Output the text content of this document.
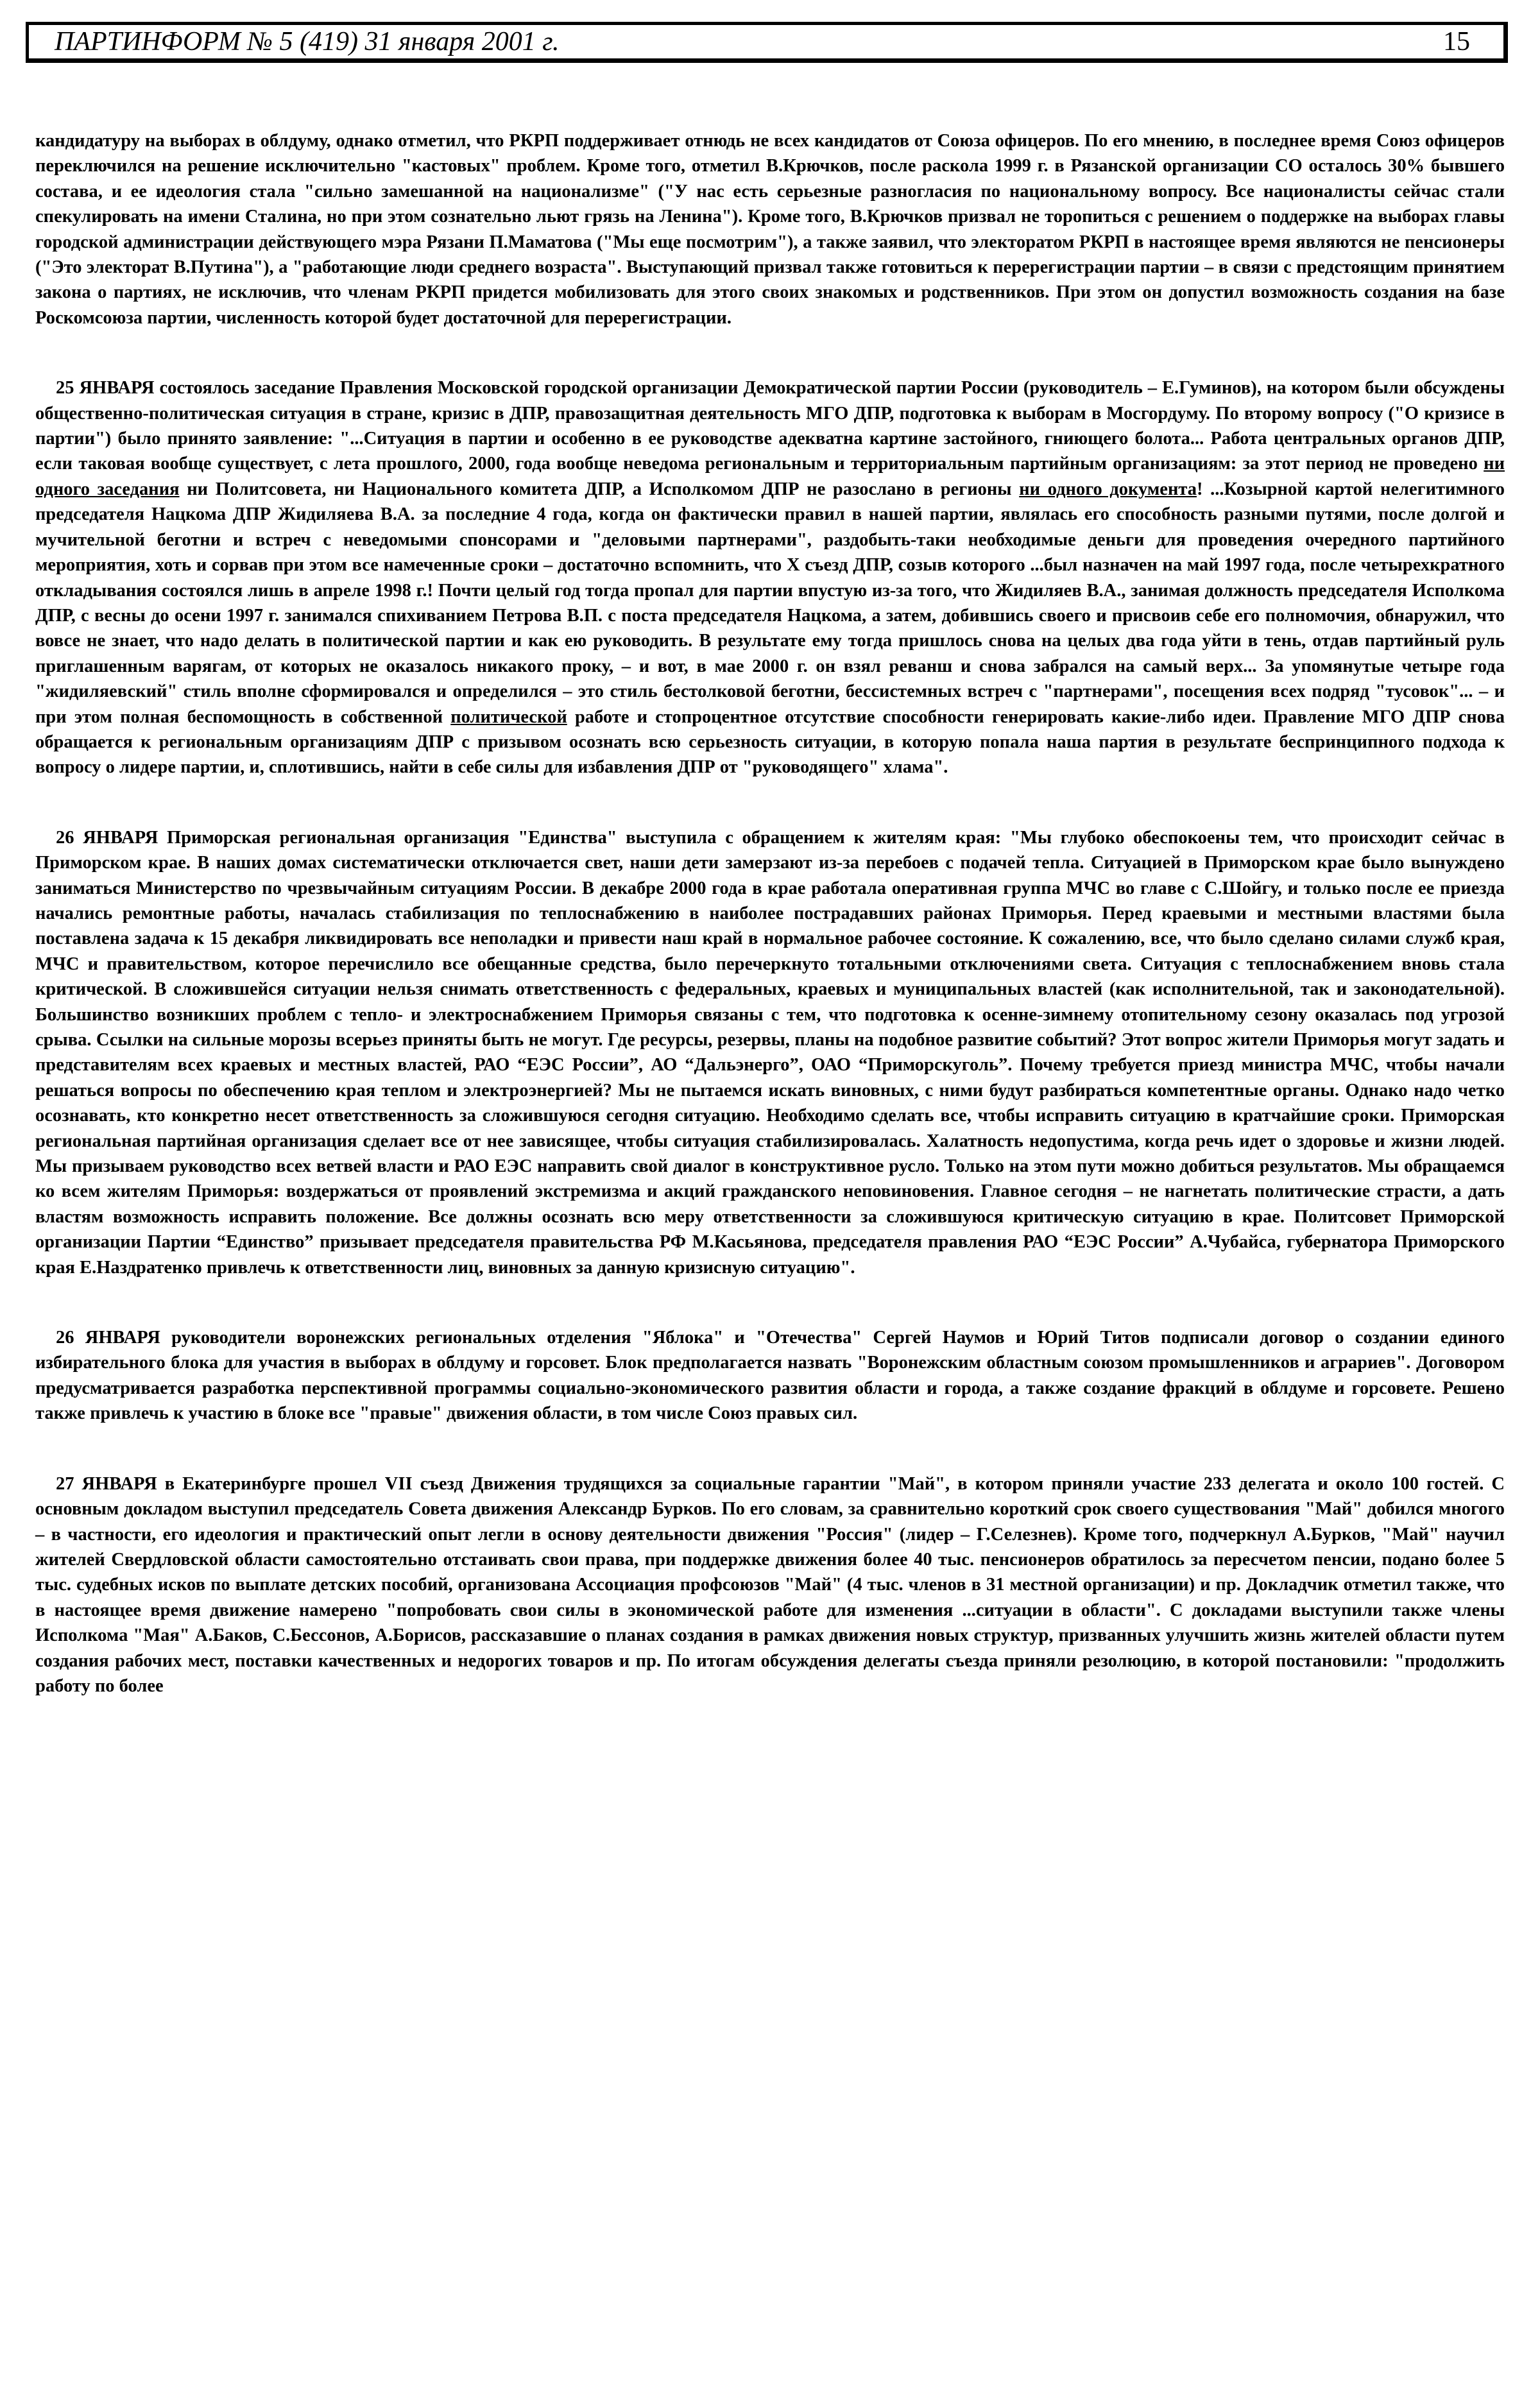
ПАРТИНФОРМ № 5 (419) 31 января 2001 г.	15

кандидатуру на выборах в облдуму, однако отметил, что РКРП поддерживает отнюдь не всех кандидатов от Союза офицеров. По его мнению, в последнее время Союз офицеров переключился на решение исключительно "кастовых" проблем. Кроме того, отметил В.Крючков, после раскола 1999 г. в Рязанской организации СО осталось 30% бывшего состава, и ее идеология стала "сильно замешанной на национализме" ("У нас есть серьезные разногласия по национальному вопросу. Все националисты сейчас стали спекулировать на имени Сталина, но при этом сознательно льют грязь на Ленина"). Кроме того, В.Крючков призвал не торопиться с решением о поддержке на выборах главы городской администрации действующего мэра Рязани П.Маматова ("Мы еще посмотрим"), а также заявил, что электоратом РКРП в настоящее время являются не пенсионеры ("Это электорат В.Путина"), а "работающие люди среднего возраста". Выступающий призвал также готовиться к перерегистрации партии – в связи с предстоящим принятием закона о партиях, не исключив, что членам РКРП придется мобилизовать для этого своих знакомых и родственников. При этом он допустил возможность создания на базе Роскомсоюза партии, численность которой будет достаточной для перерегистрации.

25 ЯНВАРЯ состоялось заседание Правления Московской городской организации Демократической партии России (руководитель – Е.Гуминов), на котором были обсуждены общественно-политическая ситуация в стране, кризис в ДПР, правозащитная деятельность МГО ДПР, подготовка к выборам в Мосгордуму. По второму вопросу ("О кризисе в партии") было принято заявление: "...Ситуация в партии и особенно в ее руководстве адекватна картине застойного, гниющего болота... Работа центральных органов ДПР, если таковая вообще существует, с лета прошлого, 2000, года вообще неведома региональным и территориальным партийным организациям: за этот период не проведено ни одного заседания ни Политсовета, ни Национального комитета ДПР, а Исполкомом ДПР не разослано в регионы ни одного документа! ...Козырной картой нелегитимного председателя Нацкома ДПР Жидиляева В.А. за последние 4 года, когда он фактически правил в нашей партии, являлась его способность разными путями, после долгой и мучительной беготни и встреч с неведомыми спонсорами и "деловыми партнерами", раздобыть-таки необходимые деньги для проведения очередного партийного мероприятия, хоть и сорвав при этом все намеченные сроки – достаточно вспомнить, что X съезд ДПР, созыв которого ...был назначен на май 1997 года, после четырехкратного откладывания состоялся лишь в апреле 1998 г.! Почти целый год тогда пропал для партии впустую из-за того, что Жидиляев В.А., занимая должность председателя Исполкома ДПР, с весны до осени 1997 г. занимался спихиванием Петрова В.П. с поста председателя Нацкома, а затем, добившись своего и присвоив себе его полномочия, обнаружил, что вовсе не знает, что надо делать в политической партии и как ею руководить. В результате ему тогда пришлось снова на целых два года уйти в тень, отдав партийный руль приглашенным варягам, от которых не оказалось никакого проку, – и вот, в мае 2000 г. он взял реванш и снова забрался на самый верх... За упомянутые четыре года "жидиляевский" стиль вполне сформировался и определился – это стиль бестолковой беготни, бессистемных встреч с "партнерами", посещения всех подряд "тусовок"... – и при этом полная беспомощность в собственной политической работе и стопроцентное отсутствие способности генерировать какие-либо идеи. Правление МГО ДПР снова обращается к региональным организациям ДПР с призывом осознать всю серьезность ситуации, в которую попала наша партия в результате беспринципного подхода к вопросу о лидере партии, и, сплотившись, найти в себе силы для избавления ДПР от "руководящего" хлама".

26 ЯНВАРЯ Приморская региональная организация "Единства" выступила с обращением к жителям края: "Мы глубоко обеспокоены тем, что происходит сейчас в Приморском крае. В наших домах систематически отключается свет, наши дети замерзают из-за перебоев с подачей тепла. Ситуацией в Приморском крае было вынуждено заниматься Министерство по чрезвычайным ситуациям России. В декабре 2000 года в крае работала оперативная группа МЧС во главе с С.Шойгу, и только после ее приезда начались ремонтные работы, началась стабилизация по теплоснабжению в наиболее пострадавших районах Приморья. Перед краевыми и местными властями была поставлена задача к 15 декабря ликвидировать все неполадки и привести наш край в нормальное рабочее состояние. К сожалению, все, что было сделано силами служб края, МЧС и правительством, которое перечислило все обещанные средства, было перечеркнуто тотальными отключениями света. Ситуация с теплоснабжением вновь стала критической. В сложившейся ситуации нельзя снимать ответственность с федеральных, краевых и муниципальных властей (как исполнительной, так и законодательной). Большинство возникших проблем с тепло- и электроснабжением Приморья связаны с тем, что подготовка к осенне-зимнему отопительному сезону оказалась под угрозой срыва. Ссылки на сильные морозы всерьез приняты быть не могут. Где ресурсы, резервы, планы на подобное развитие событий? Этот вопрос жители Приморья могут задать и представителям всех краевых и местных властей, РАО “ЕЭС России”, АО “Дальэнерго”, ОАО “Приморскуголь”. Почему требуется приезд министра МЧС, чтобы начали решаться вопросы по обеспечению края теплом и электроэнергией? Мы не пытаемся искать виновных, с ними будут разбираться компетентные органы. Однако надо четко осознавать, кто конкретно несет ответственность за сложившуюся сегодня ситуацию. Необходимо сделать все, чтобы исправить ситуацию в кратчайшие сроки. Приморская региональная партийная организация сделает все от нее зависящее, чтобы ситуация стабилизировалась. Халатность недопустима, когда речь идет о здоровье и жизни людей. Мы призываем руководство всех ветвей власти и РАО ЕЭС направить свой диалог в конструктивное русло. Только на этом пути можно добиться результатов. Мы обращаемся ко всем жителям Приморья: воздержаться от проявлений экстремизма и акций гражданского неповиновения. Главное сегодня – не нагнетать политические страсти, а дать властям возможность исправить положение. Все должны осознать всю меру ответственности за сложившуюся критическую ситуацию в крае. Политсовет Приморской организации Партии “Единство” призывает председателя правительства РФ М.Касьянова, председателя правления РАО “ЕЭС России” А.Чубайса, губернатора Приморского края Е.Наздратенко привлечь к ответственности лиц, виновных за данную кризисную ситуацию".

26 ЯНВАРЯ руководители воронежских региональных отделения "Яблока" и "Отечества" Сергей Наумов и Юрий Титов подписали договор о создании единого избирательного блока для участия в выборах в облдуму и горсовет. Блок предполагается назвать "Воронежским областным союзом промышленников и аграриев". Договором предусматривается разработка перспективной программы социально-экономического развития области и города, а также создание фракций в облдуме и горсовете. Решено также привлечь к участию в блоке все "правые" движения области, в том числе Союз правых сил.

27 ЯНВАРЯ в Екатеринбурге прошел VII съезд Движения трудящихся за социальные гарантии "Май", в котором приняли участие 233 делегата и около 100 гостей. С основным докладом выступил председатель Совета движения Александр Бурков. По его словам, за сравнительно короткий срок своего существования "Май" добился многого – в частности, его идеология и практический опыт легли в основу деятельности движения "Россия" (лидер – Г.Селезнев). Кроме того, подчеркнул А.Бурков, "Май" научил жителей Свердловской области самостоятельно отстаивать свои права, при поддержке движения более 40 тыс. пенсионеров обратилось за пересчетом пенсии, подано более 5 тыс. судебных исков по выплате детских пособий, организована Ассоциация профсоюзов "Май" (4 тыс. членов в 31 местной организации) и пр. Докладчик отметил также, что в настоящее время движение намерено "попробовать свои силы в экономической работе для изменения ...ситуации в области". С докладами выступили также члены Исполкома "Мая" А.Баков, С.Бессонов, А.Борисов, рассказавшие о планах создания в рамках движения новых структур, призванных улучшить жизнь жителей области путем создания рабочих мест, поставки качественных и недорогих товаров и пр. По итогам обсуждения делегаты съезда приняли резолюцию, в которой постановили: "продолжить работу по более
